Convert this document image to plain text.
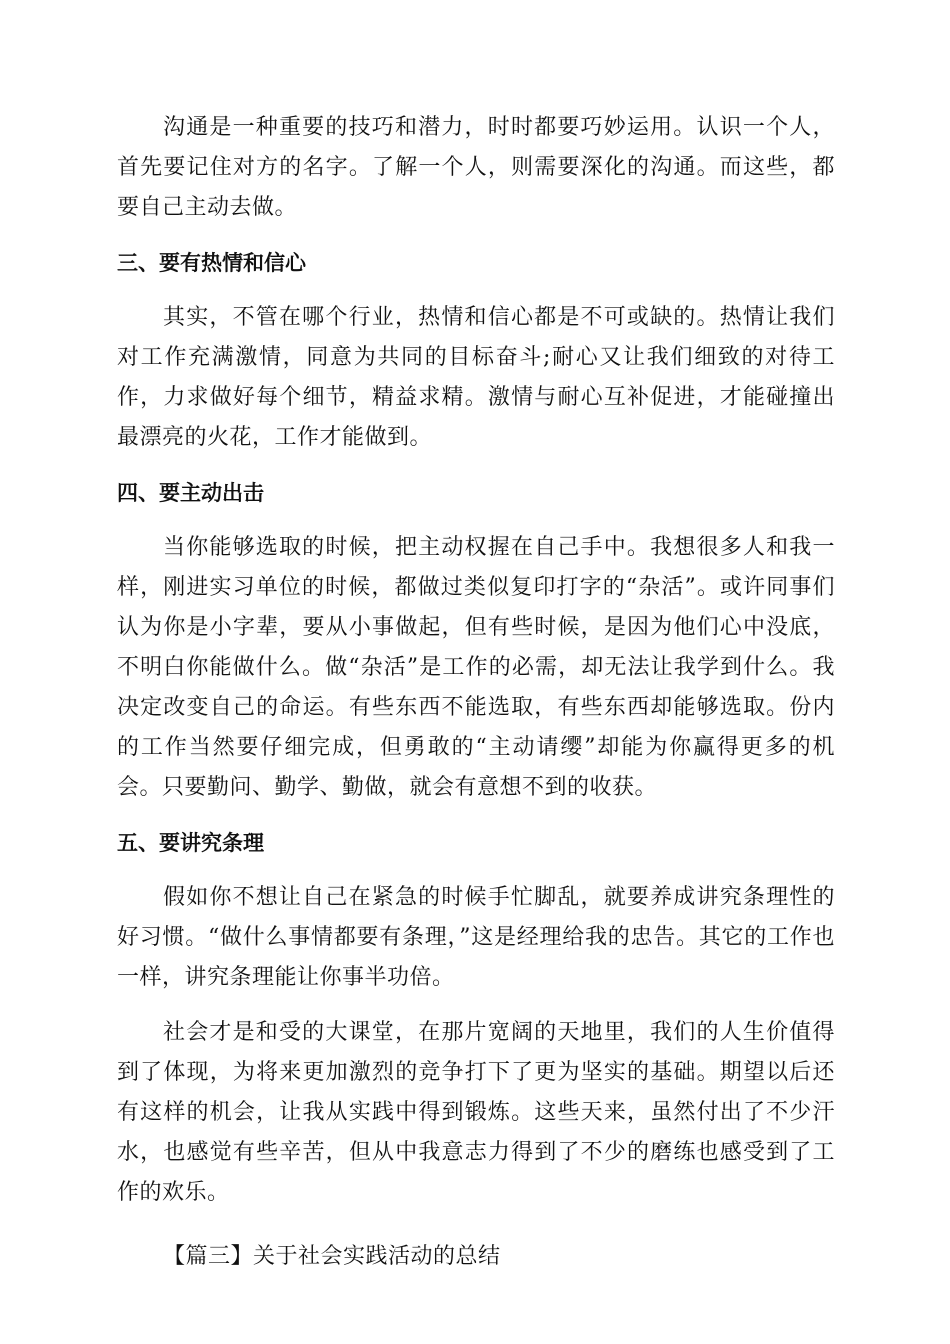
沟通是一种重要的技巧和潜力，时时都要巧妙运用。认识一个人，首先要记住对方的名字。了解一个人，则需要深化的沟通。而这些，都要自己主动去做。

三、要有热情和信心

其实，不管在哪个行业，热情和信心都是不可或缺的。热情让我们对工作充满激情，同意为共同的目标奋斗;耐心又让我们细致的对待工作，力求做好每个细节，精益求精。激情与耐心互补促进，才能碰撞出最漂亮的火花，工作才能做到。

四、要主动出击

当你能够选取的时候，把主动权握在自己手中。我想很多人和我一样，刚进实习单位的时候，都做过类似复印打字的“杂活”。或许同事们认为你是小字辈，要从小事做起，但有些时候，是因为他们心中没底，不明白你能做什么。做“杂活”是工作的必需，却无法让我学到什么。我决定改变自己的命运。有些东西不能选取，有些东西却能够选取。份内的工作当然要仔细完成，但勇敢的“主动请缨”却能为你赢得更多的机会。只要勤问、勤学、勤做，就会有意想不到的收获。

五、要讲究条理

假如你不想让自己在紧急的时候手忙脚乱，就要养成讲究条理性的好习惯。“做什么事情都要有条理，”这是经理给我的忠告。其它的工作也一样，讲究条理能让你事半功倍。

社会才是和受的大课堂，在那片宽阔的天地里，我们的人生价值得到了体现，为将来更加激烈的竞争打下了更为坚实的基础。期望以后还有这样的机会，让我从实践中得到锻炼。这些天来，虽然付出了不少汗水，也感觉有些辛苦，但从中我意志力得到了不少的磨练也感受到了工作的欢乐。

【篇三】关于社会实践活动的总结
